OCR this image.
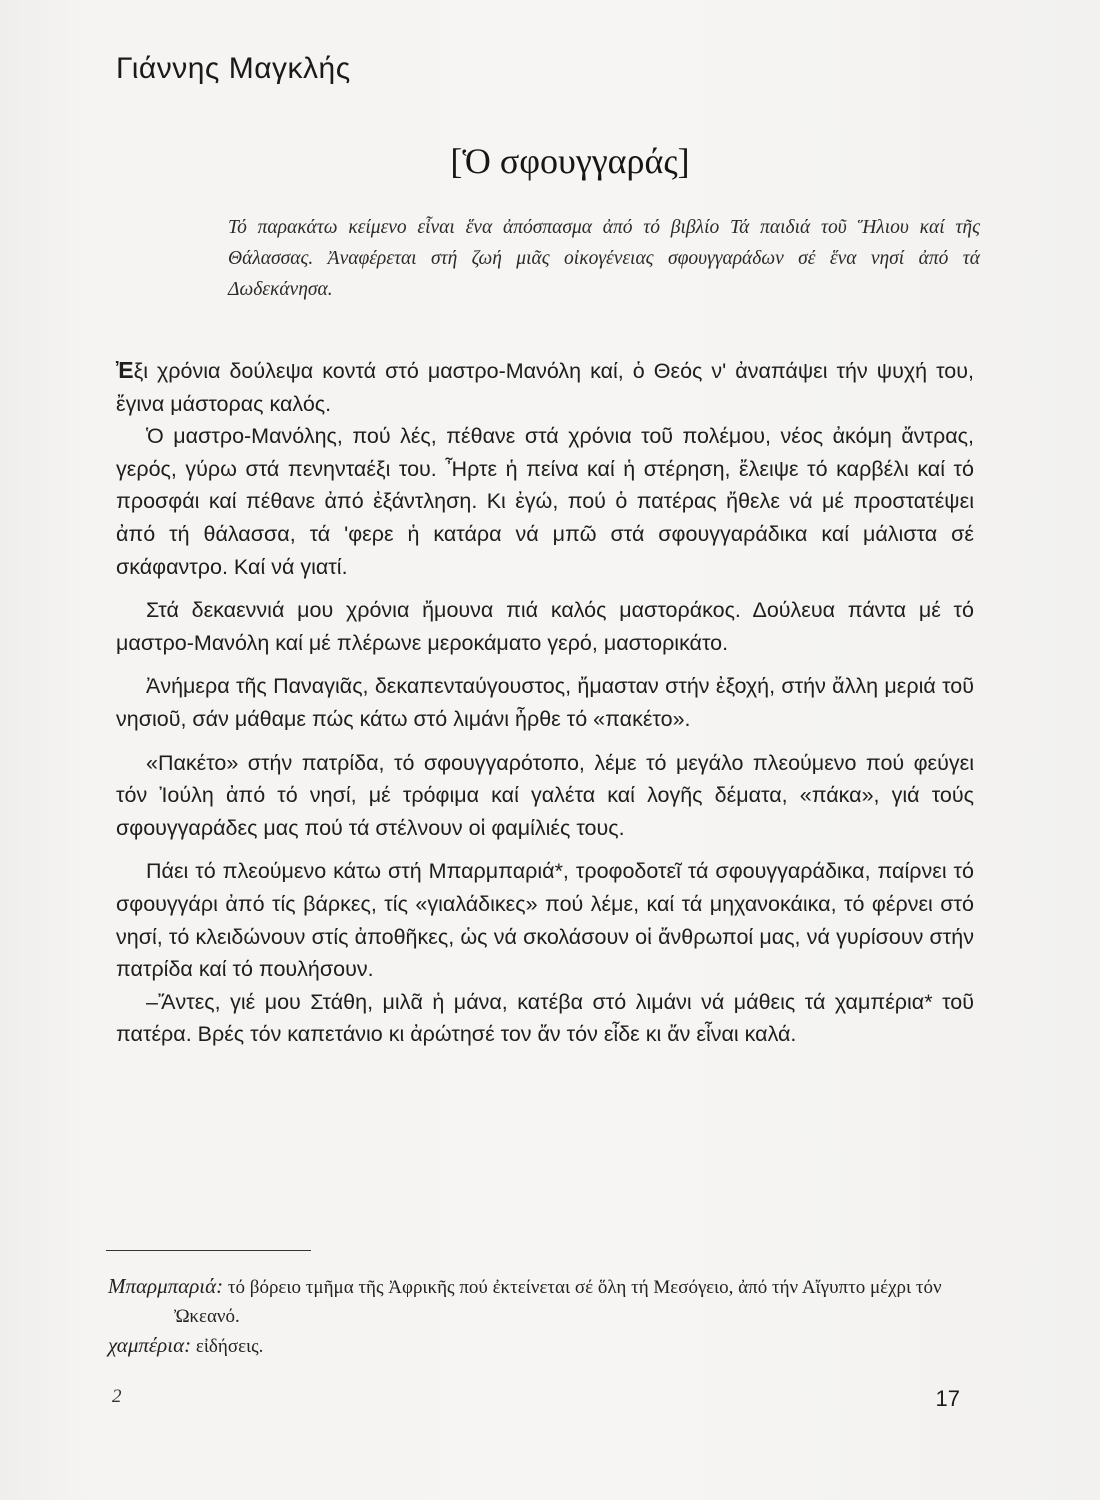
Γιάννης Μαγκλής
[Ὁ σφουγγαράς]
Τό παρακάτω κείμενο εἶναι ἕνα ἀπόσπασμα ἀπό τό βιβλίο Τά παιδιά τοῦ Ἥλιου καί τῆς Θάλασσας. Ἀναφέρεται στή ζωή μιᾶς οἰκογένειας σφουγγαράδων σέ ἕνα νησί ἀπό τά Δωδεκάνησα.

Ἐξι χρόνια δούλεψα κοντά στό μαστρο-Μανόλη καί, ὁ Θεός ν' ἀναπάψει τήν ψυχή του, ἔγινα μάστορας καλός.

Ὁ μαστρο-Μανόλης, πού λές, πέθανε στά χρόνια τοῦ πολέμου, νέος ἀκόμη ἄντρας, γερός, γύρω στά πενηνταέξι του. Ἦρτε ἡ πείνα καί ἡ στέρηση, ἔλειψε τό καρβέλι καί τό προσφάι καί πέθανε ἀπό ἐξάντληση. Κι ἐγώ, πού ὁ πατέρας ἤθελε νά μέ προστατέψει ἀπό τή θάλασσα, τά 'φερε ἡ κατάρα νά μπῶ στά σφουγγαράδικα καί μάλιστα σέ σκάφαντρο. Καί νά γιατί.

Στά δεκαεννιά μου χρόνια ἤμουνα πιά καλός μαστοράκος. Δούλευα πάντα μέ τό μαστρο-Μανόλη καί μέ πλέρωνε μεροκάματο γερό, μαστορικάτο.

Ἀνήμερα τῆς Παναγιᾶς, δεκαπενταύγουστος, ἤμασταν στήν ἐξοχή, στήν ἄλλη μεριά τοῦ νησιοῦ, σάν μάθαμε πώς κάτω στό λιμάνι ἦρθε τό «πακέτο».

«Πακέτο» στήν πατρίδα, τό σφουγγαρότοπο, λέμε τό μεγάλο πλεούμενο πού φεύγει τόν Ἰούλη ἀπό τό νησί, μέ τρόφιμα καί γαλέτα καί λογῆς δέματα, «πάκα», γιά τούς σφουγγαράδες μας πού τά στέλνουν οἱ φαμίλιές τους.

Πάει τό πλεούμενο κάτω στή Μπαρμπαριά*, τροφοδοτεῖ τά σφουγγαράδικα, παίρνει τό σφουγγάρι ἀπό τίς βάρκες, τίς «γιαλάδικες» πού λέμε, καί τά μηχανοκάικα, τό φέρνει στό νησί, τό κλειδώνουν στίς ἀποθῆκες, ὡς νά σκολάσουν οἱ ἄνθρωποί μας, νά γυρίσουν στήν πατρίδα καί τό πουλήσουν.

–Ἄντες, γιέ μου Στάθη, μιλᾶ ἡ μάνα, κατέβα στό λιμάνι νά μάθεις τά χαμπέρια* τοῦ πατέρα. Βρές τόν καπετάνιο κι ἀρώτησέ τον ἄν τόν εἶδε κι ἄν εἶναι καλά.

Μπαρμπαριά: τό βόρειο τμῆμα τῆς Ἀφρικῆς πού ἐκτείνεται σέ ὅλη τή Μεσόγειο, ἀπό τήν Αἴγυπτο μέχρι τόν Ὠκεανό.

χαμπέρια: εἰδήσεις.

2	17
